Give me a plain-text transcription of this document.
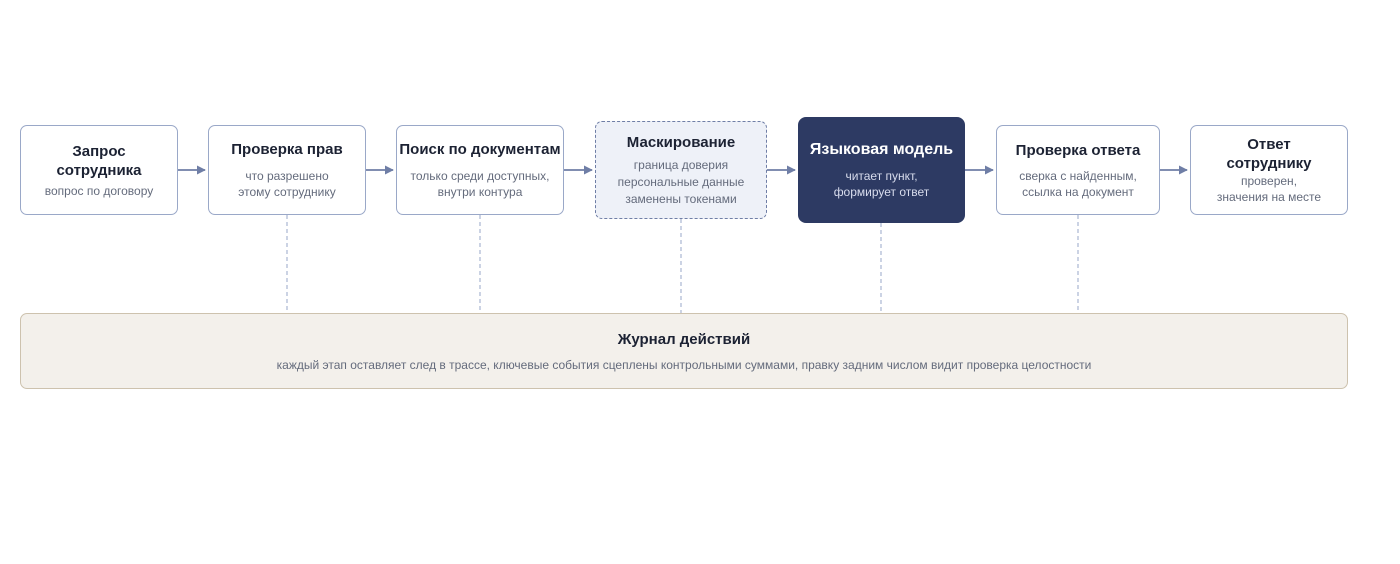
Запрос сотрудника
вопрос по договору
Проверка прав
что разрешено
этому сотруднику
Поиск по документам
только среди доступных,
внутри контура
Маскирование
граница доверия
персональные данные
заменены токенами
Языковая модель
читает пункт,
формирует ответ
Проверка ответа
сверка с найденным,
ссылка на документ
Ответ сотруднику
проверен,
значения на месте
Журнал действий
каждый этап оставляет след в трассе, ключевые события сцеплены контрольными суммами, правку задним числом видит проверка целостности
